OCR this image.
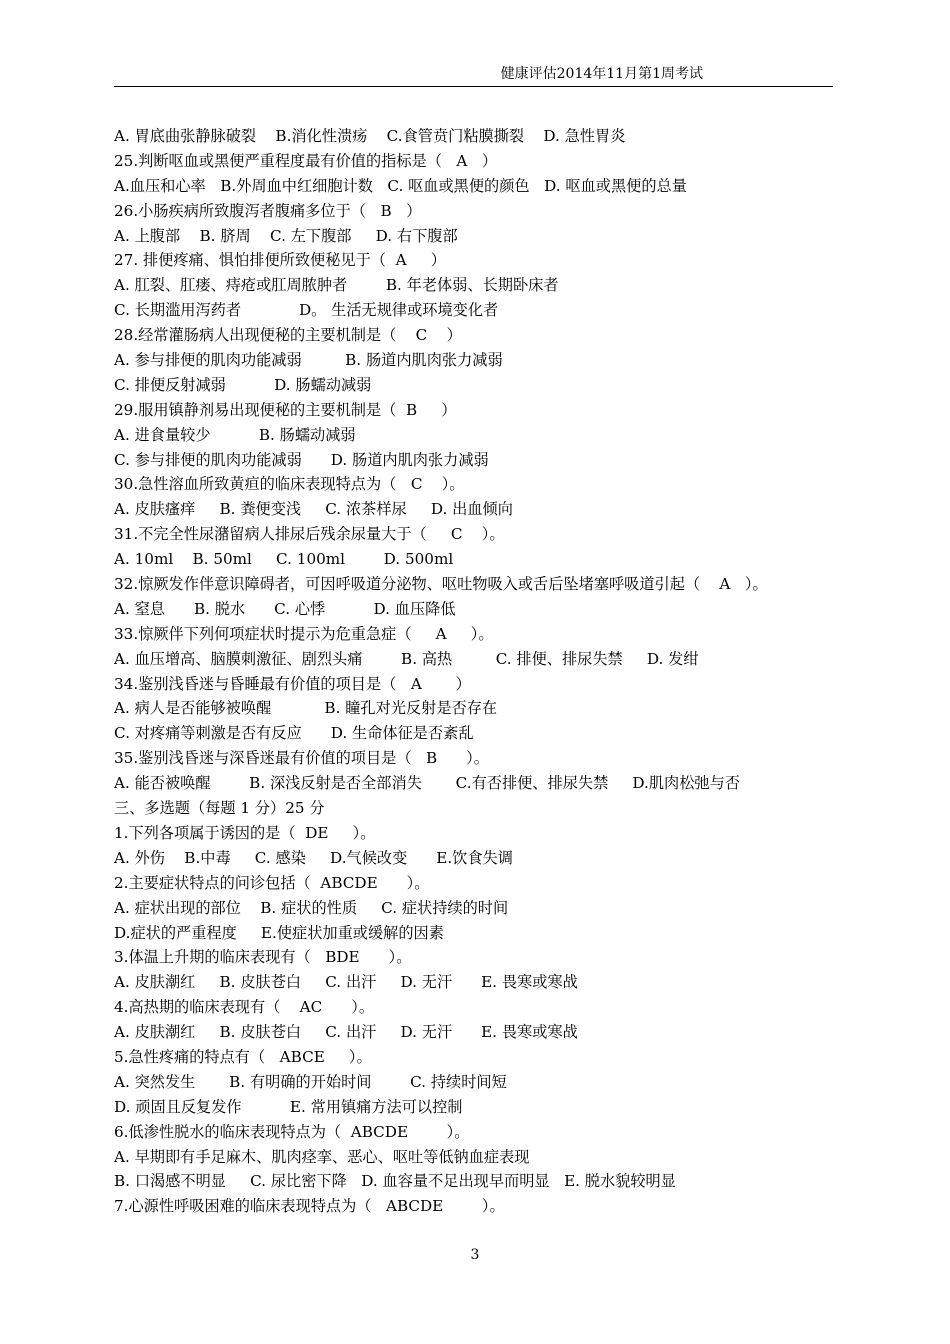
健康评估2014年11月第1周考试
A. 胃底曲张静脉破裂    B.消化性溃疡    C.食管贲门粘膜撕裂    D. 急性胃炎
25.判断呕血或黑便严重程度最有价值的指标是（   A   ）
A.血压和心率   B.外周血中红细胞计数   C. 呕血或黑便的颜色   D. 呕血或黑便的总量
26.小肠疾病所致腹泻者腹痛多位于（   B   ）
A. 上腹部    B. 脐周    C. 左下腹部     D. 右下腹部
27. 排便疼痛、惧怕排便所致便秘见于（  A     ）
A. 肛裂、肛瘘、痔疮或肛周脓肿者        B. 年老体弱、长期卧床者
C. 长期滥用泻药者            D。 生活无规律或环境变化者
28.经常灌肠病人出现便秘的主要机制是（    C    ）
A. 参与排便的肌肉功能减弱         B. 肠道内肌肉张力减弱
C. 排便反射减弱          D. 肠蠕动减弱
29.服用镇静剂易出现便秘的主要机制是（  B     ）
A. 进食量较少          B. 肠蠕动减弱
C. 参与排便的肌肉功能减弱      D. 肠道内肌肉张力减弱
30.急性溶血所致黄疸的临床表现特点为（   C    ）。
A. 皮肤瘙痒     B. 粪便变浅     C. 浓茶样尿     D. 出血倾向
31.不完全性尿潴留病人排尿后残余尿量大于（     C    ）。
A. 10ml    B. 50ml     C. 100ml        D. 500ml
32.惊厥发作伴意识障碍者，可因呼吸道分泌物、呕吐物吸入或舌后坠堵塞呼吸道引起（    A   ）。
A. 窒息      B. 脱水      C. 心悸          D. 血压降低
33.惊厥伴下列何项症状时提示为危重急症（     A     ）。
A. 血压增高、脑膜刺激征、剧烈头痛        B. 高热         C. 排便、排尿失禁     D. 发绀
34.鉴别浅昏迷与昏睡最有价值的项目是（   A       ）
A. 病人是否能够被唤醒           B. 瞳孔对光反射是否存在
C. 对疼痛等刺激是否有反应      D. 生命体征是否紊乱
35.鉴别浅昏迷与深昏迷最有价值的项目是（   B      ）。
A. 能否被唤醒        B. 深浅反射是否全部消失       C.有否排便、排尿失禁     D.肌肉松弛与否
三、多选题（每题 1 分）25 分
1.下列各项属于诱因的是（  DE     ）。
A. 外伤    B.中毒     C. 感染     D.气候改变      E.饮食失调
2.主要症状特点的问诊包括（  ABCDE      ）。
A. 症状出现的部位    B. 症状的性质     C. 症状持续的时间
D.症状的严重程度     E.使症状加重或缓解的因素
3.体温上升期的临床表现有（   BDE      ）。
A. 皮肤潮红     B. 皮肤苍白     C. 出汗     D. 无汗      E. 畏寒或寒战
4.高热期的临床表现有（    AC      ）。
A. 皮肤潮红     B. 皮肤苍白     C. 出汗     D. 无汗      E. 畏寒或寒战
5.急性疼痛的特点有（   ABCE     ）。
A. 突然发生       B. 有明确的开始时间        C. 持续时间短
D. 顽固且反复发作          E. 常用镇痛方法可以控制
6.低渗性脱水的临床表现特点为（  ABCDE        ）。
A. 早期即有手足麻木、肌肉痉挛、恶心、呕吐等低钠血症表现
B. 口渴感不明显     C. 尿比密下降   D. 血容量不足出现早而明显   E. 脱水貌较明显
7.心源性呼吸困难的临床表现特点为（   ABCDE        ）。
3
